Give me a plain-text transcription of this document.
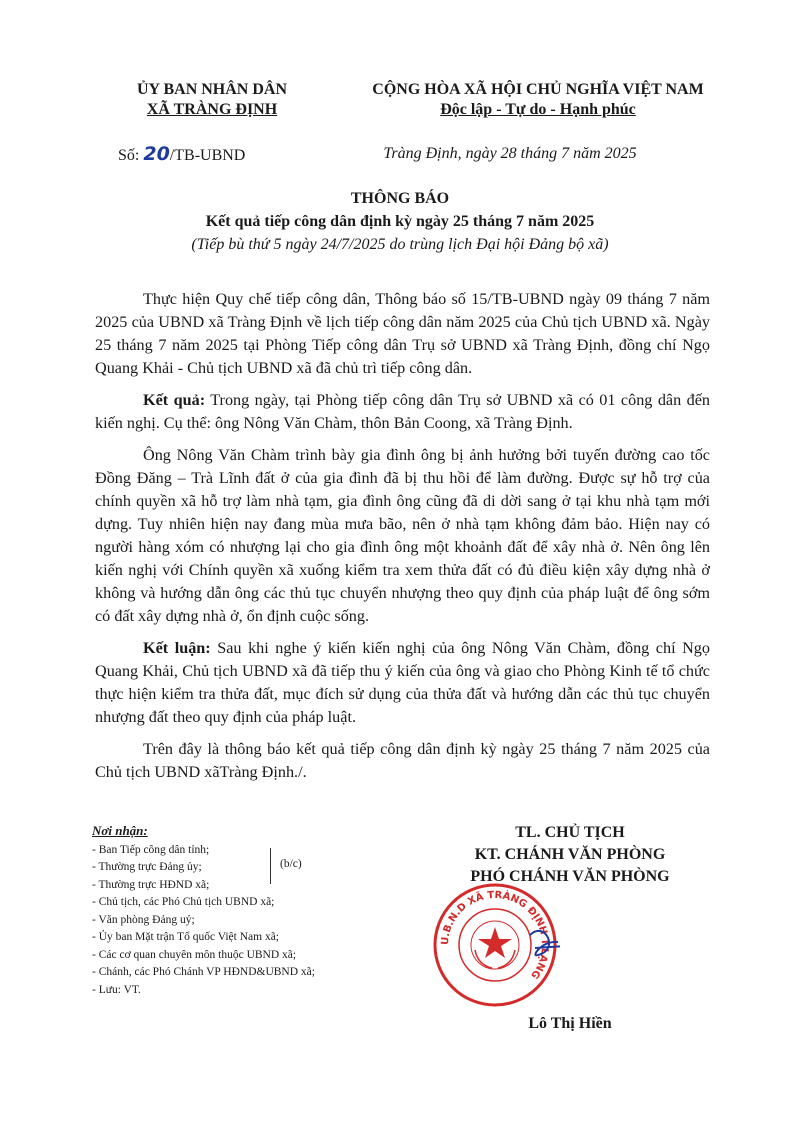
ỦY BAN NHÂN DÂN
XÃ TRÀNG ĐỊNH
CỘNG HÒA XÃ HỘI CHỦ NGHĨA VIỆT NAM
Độc lập - Tự do - Hạnh phúc
Số: 20/TB-UBND	Tràng Định, ngày 28 tháng 7 năm 2025
THÔNG BÁO
Kết quả tiếp công dân định kỳ ngày 25 tháng 7 năm 2025
(Tiếp bù thứ 5 ngày 24/7/2025 do trùng lịch Đại hội Đảng bộ xã)

Thực hiện Quy chế tiếp công dân, Thông báo số 15/TB-UBND ngày 09 tháng 7 năm 2025 của UBND xã Tràng Định về lịch tiếp công dân năm 2025 của Chủ tịch UBND xã. Ngày 25 tháng 7 năm 2025 tại Phòng Tiếp công dân Trụ sở UBND xã Tràng Định, đồng chí Ngọ Quang Khải - Chủ tịch UBND xã đã chủ trì tiếp công dân.

Kết quả: Trong ngày, tại Phòng tiếp công dân Trụ sở UBND xã có 01 công dân đến kiến nghị. Cụ thể: ông Nông Văn Chàm, thôn Bản Coong, xã Tràng Định.

Ông Nông Văn Chàm trình bày gia đình ông bị ảnh hưởng bởi tuyến đường cao tốc Đồng Đăng – Trà Lĩnh đất ở của gia đình đã bị thu hồi để làm đường. Được sự hỗ trợ của chính quyền xã hỗ trợ làm nhà tạm, gia đình ông cũng đã di dời sang ở tại khu nhà tạm mới dựng. Tuy nhiên hiện nay đang mùa mưa bão, nên ở nhà tạm không đảm bảo. Hiện nay có người hàng xóm có nhượng lại cho gia đình ông một khoảnh đất để xây nhà ở. Nên ông lên kiến nghị với Chính quyền xã xuống kiểm tra xem thửa đất có đủ điều kiện xây dựng nhà ở không và hướng dẫn ông các thủ tục chuyển nhượng theo quy định của pháp luật để ông sớm có đất xây dựng nhà ở, ổn định cuộc sống.

Kết luận: Sau khi nghe ý kiến kiến nghị của ông Nông Văn Chàm, đồng chí Ngọ Quang Khải, Chủ tịch UBND xã đã tiếp thu ý kiến của ông và giao cho Phòng Kinh tế tổ chức thực hiện kiểm tra thửa đất, mục đích sử dụng của thửa đất và hướng dẫn các thủ tục chuyển nhượng đất theo quy định của pháp luật.

Trên đây là thông báo kết quả tiếp công dân định kỳ ngày 25 tháng 7 năm 2025 của Chủ tịch UBND xãTràng Định./.

Nơi nhận:
- Ban Tiếp công dân tỉnh;
- Thường trực Đảng ủy;
- Thường trực HĐND xã;
- Chủ tịch, các Phó Chủ tịch UBND xã;
- Văn phòng Đảng uỷ;
- Ủy ban Mặt trận Tổ quốc Việt Nam xã;
- Các cơ quan chuyên môn thuộc UBND xã;
- Chánh, các Phó Chánh VP HĐND&UBND xã;
- Lưu: VT.
(b/c)
TL. CHỦ TỊCH
KT. CHÁNH VĂN PHÒNG
PHÓ CHÁNH VĂN PHÒNG
U.B.N.D XÃ TRÀNG ĐỊNH T.LẠNG
Lô Thị Hiền
